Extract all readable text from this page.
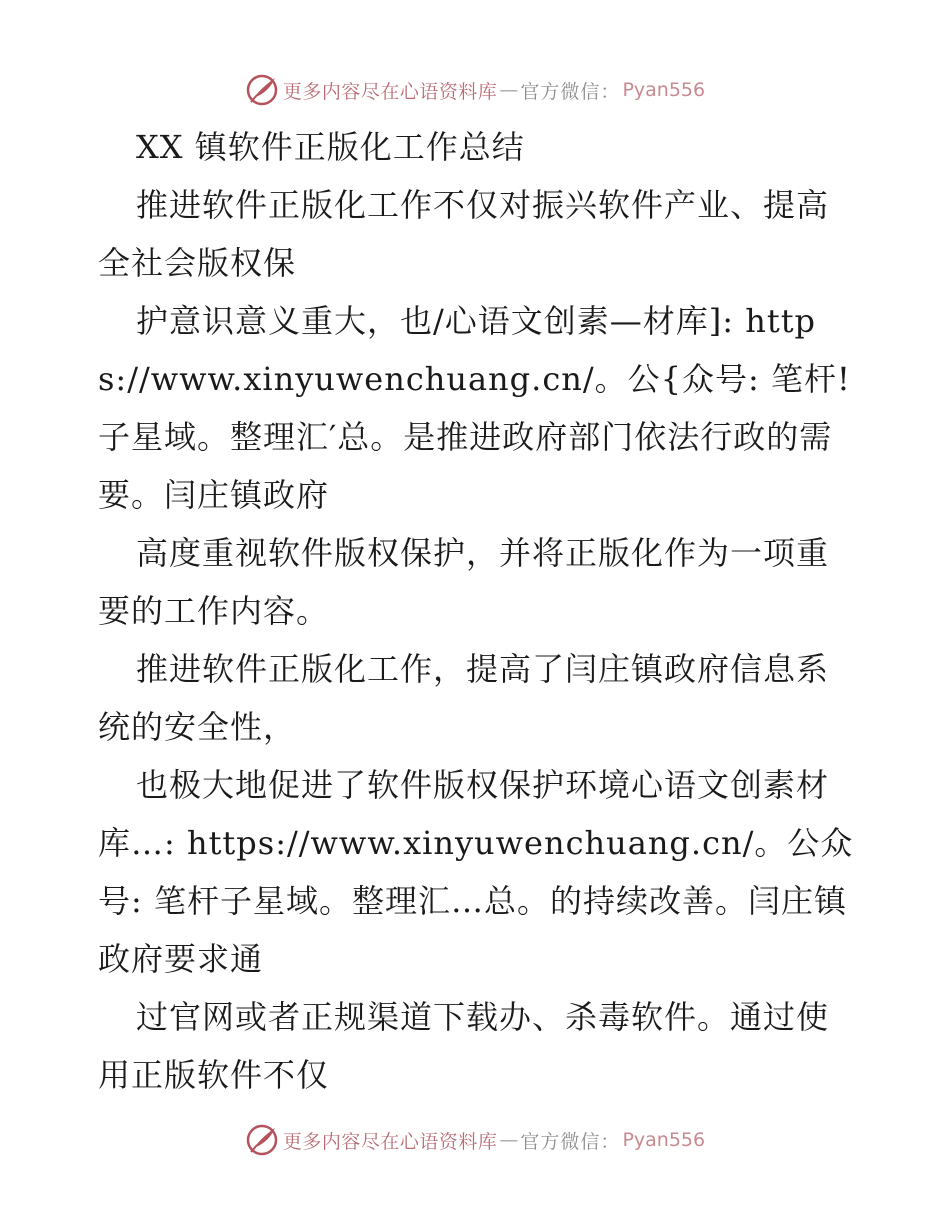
更多内容尽在心语资料库 — 官方微信： Pyan556

XX 镇软件正版化工作总结

推进软件正版化工作不仅对振兴软件产业、提高全社会版权保

护意识意义重大，也/心语文创素—材库]: https://www.xinyuwenchuang.cn/。公{众号: 笔杆! 子星域。整理汇′总。是推进政府部门依法行政的需要。闫庄镇政府

高度重视软件版权保护，并将正版化作为一项重要的工作内容。

推进软件正版化工作，提高了闫庄镇政府信息系统的安全性，

也极大地促进了软件版权保护环境心语文创素材库…: https://www.xinyuwenchuang.cn/。公众号: 笔杆子星域。整理汇…总。的持续改善。闫庄镇政府要求通

过官网或者正规渠道下载办、杀毒软件。通过使用正版软件不仅

更多内容尽在心语资料库 — 官方微信： Pyan556
